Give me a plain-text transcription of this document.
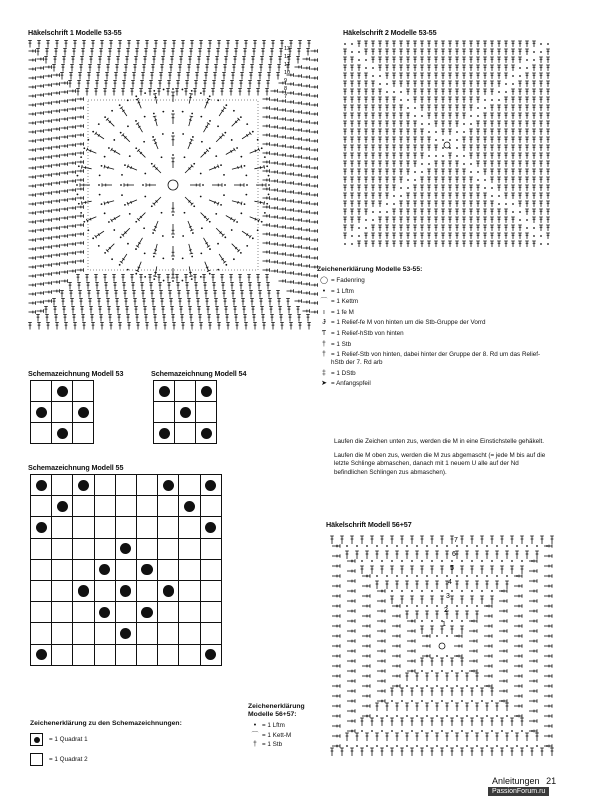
Häkelschrift 1 Modelle 53-55	Häkelschrift 2 Modelle 53-55
13
12
11
10
9
8
7
Zeichenerklärung Modelle 53-55:
◯ = Fadenring
• = 1 Lftm
⌒ = 1 Kettm
ı = 1 fe M
Ɉ = 1 Relief-fe M von hinten um die Stb-Gruppe der Vorrd
Ƭ = 1 Relief-hStb von hinten
† = 1 Stb
† = 1 Relief-Stb von hinten, dabei hinter der Gruppe der 8. Rd um das Relief-hStb der 7. Rd arb
‡ = 1 DStb
➤ = Anfangspfeil

Laufen die Zeichen unten zus, werden die M in eine Einstichstelle gehäkelt.

Laufen die M oben zus, werden die M zus abgemascht (= jede M bis auf die letzte Schlinge abmaschen, danach mit 1 neuem U alle auf der Nd befindlichen Schlingen zus abmaschen).

Schemazeichnung Modell 53	Schemazeichnung Modell 54
Schemazeichnung Modell 55

Häkelschrift Modell 56+57
7
6
5
4
3
2
1
Zeichenerklärung zu den Schemazeichnungen:
= 1 Quadrat 1
= 1 Quadrat 2
Zeichenerklärung
Modelle 56+57:
• = 1 Lftm
⌒ = 1 Kett-M
† = 1 Stb
Anleitungen 21
PassionForum.ru
